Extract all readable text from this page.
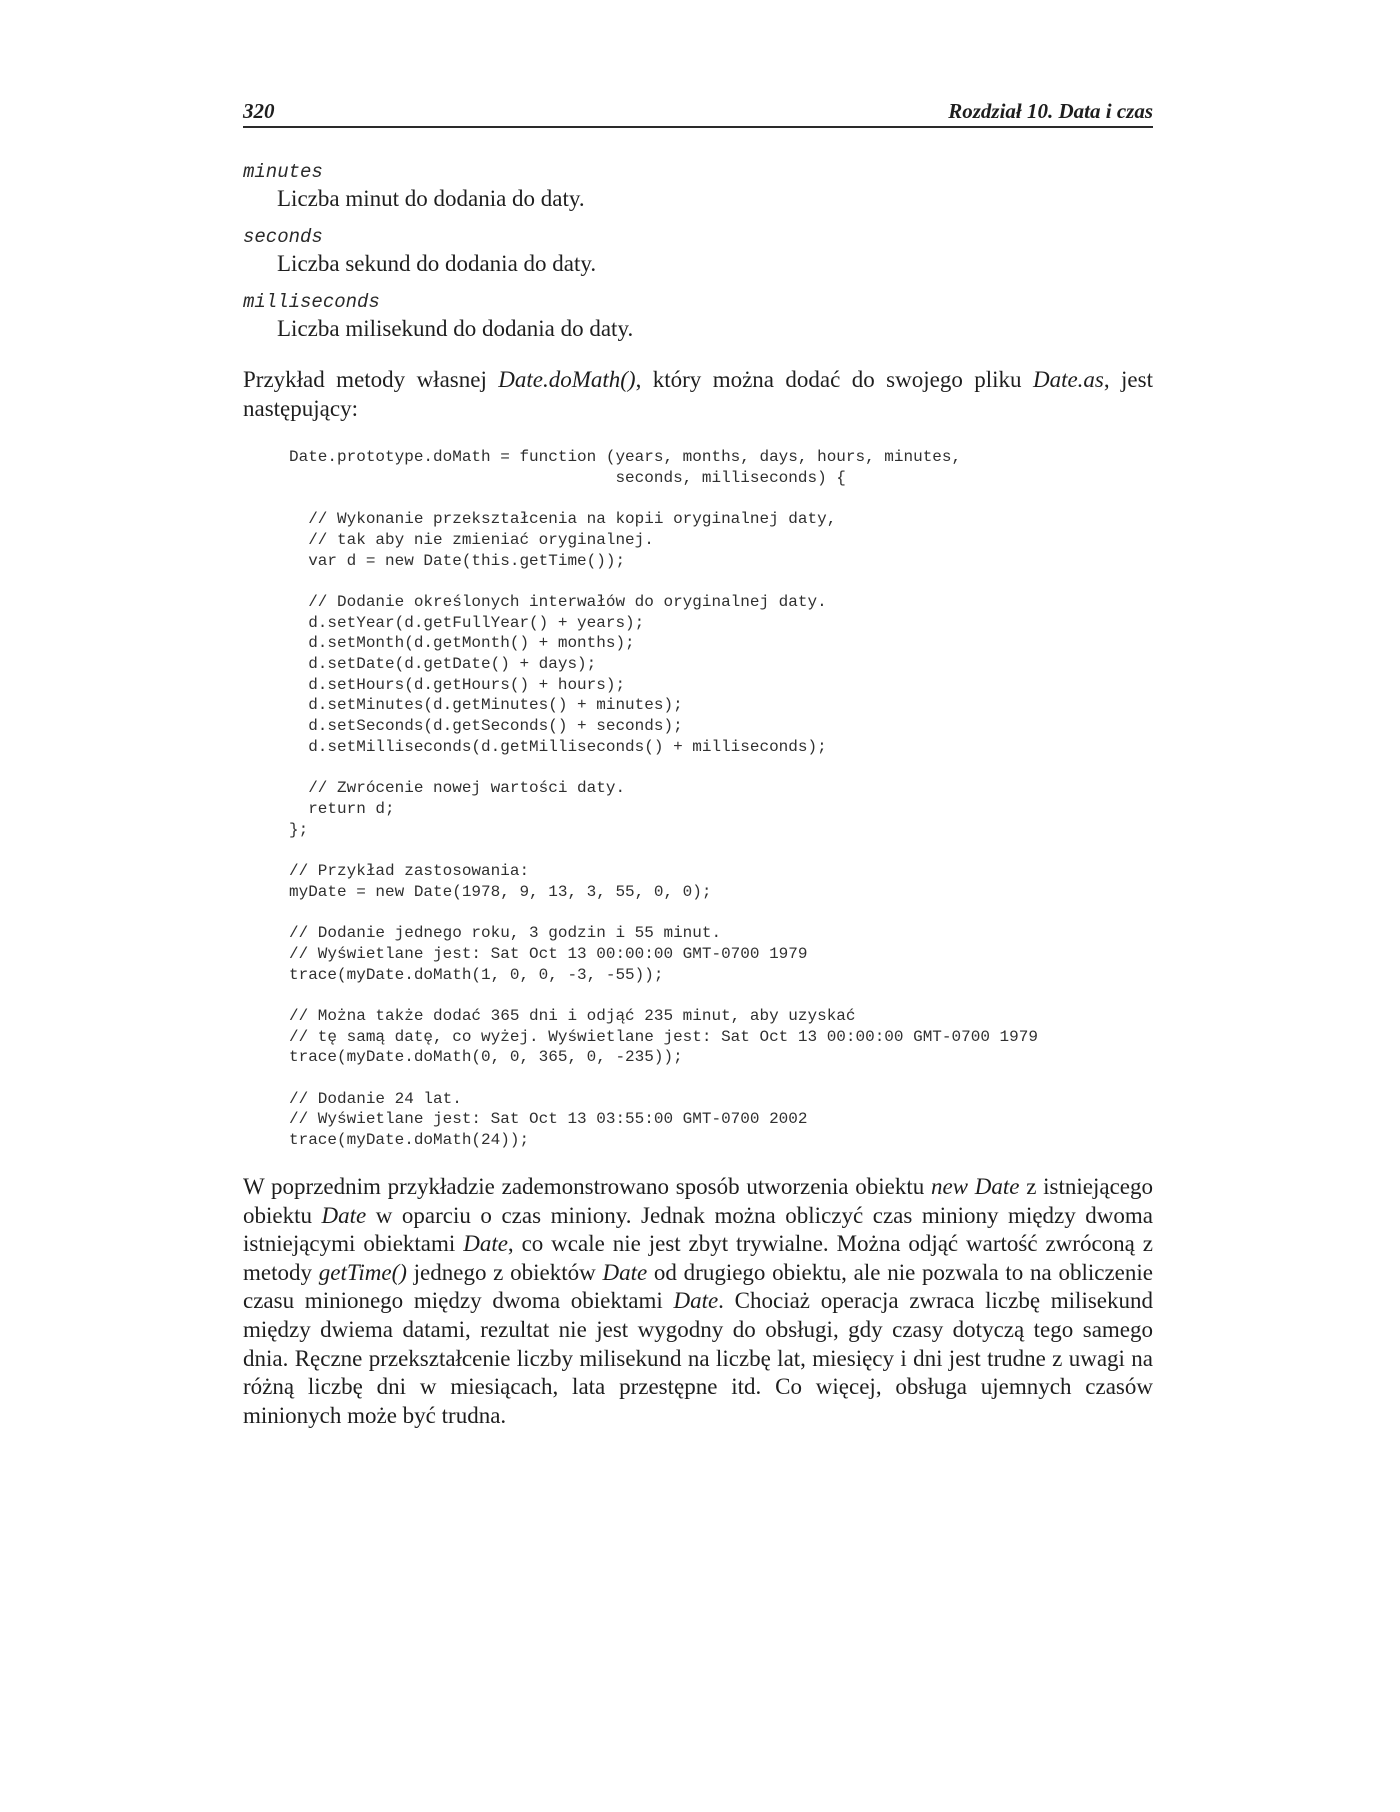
320	Rozdział 10. Data i czas
minutes
Liczba minut do dodania do daty.
seconds
Liczba sekund do dodania do daty.
milliseconds
Liczba milisekund do dodania do daty.

Przykład metody własnej Date.doMath(), który można dodać do swojego pliku Date.as, jest następujący:

Date.prototype.doMath = function (years, months, days, hours, minutes,
seconds, milliseconds) {
// Wykonanie przekształcenia na kopii oryginalnej daty,
// tak aby nie zmieniać oryginalnej.
var d = new Date(this.getTime());
// Dodanie określonych interwałów do oryginalnej daty.
d.setYear(d.getFullYear() + years);
d.setMonth(d.getMonth() + months);
d.setDate(d.getDate() + days);
d.setHours(d.getHours() + hours);
d.setMinutes(d.getMinutes() + minutes);
d.setSeconds(d.getSeconds() + seconds);
d.setMilliseconds(d.getMilliseconds() + milliseconds);
// Zwrócenie nowej wartości daty.
return d;
};
// Przykład zastosowania:
myDate = new Date(1978, 9, 13, 3, 55, 0, 0);
// Dodanie jednego roku, 3 godzin i 55 minut.
// Wyświetlane jest: Sat Oct 13 00:00:00 GMT-0700 1979
trace(myDate.doMath(1, 0, 0, -3, -55));
// Można także dodać 365 dni i odjąć 235 minut, aby uzyskać
// tę samą datę, co wyżej. Wyświetlane jest: Sat Oct 13 00:00:00 GMT-0700 1979
trace(myDate.doMath(0, 0, 365, 0, -235));
// Dodanie 24 lat.
// Wyświetlane jest: Sat Oct 13 03:55:00 GMT-0700 2002
trace(myDate.doMath(24));

W poprzednim przykładzie zademonstrowano sposób utworzenia obiektu new Date z istniejącego obiektu Date w oparciu o czas miniony. Jednak można obliczyć czas miniony między dwoma istniejącymi obiektami Date, co wcale nie jest zbyt trywialne. Można odjąć wartość zwróconą z metody getTime() jednego z obiektów Date od drugiego obiektu, ale nie pozwala to na obliczenie czasu minionego między dwoma obiektami Date. Chociaż operacja zwraca liczbę milisekund między dwiema datami, rezultat nie jest wygodny do obsługi, gdy czasy dotyczą tego samego dnia. Ręczne przekształcenie liczby milisekund na liczbę lat, miesięcy i dni jest trudne z uwagi na różną liczbę dni w miesiącach, lata przestępne itd. Co więcej, obsługa ujemnych czasów minionych może być trudna.
